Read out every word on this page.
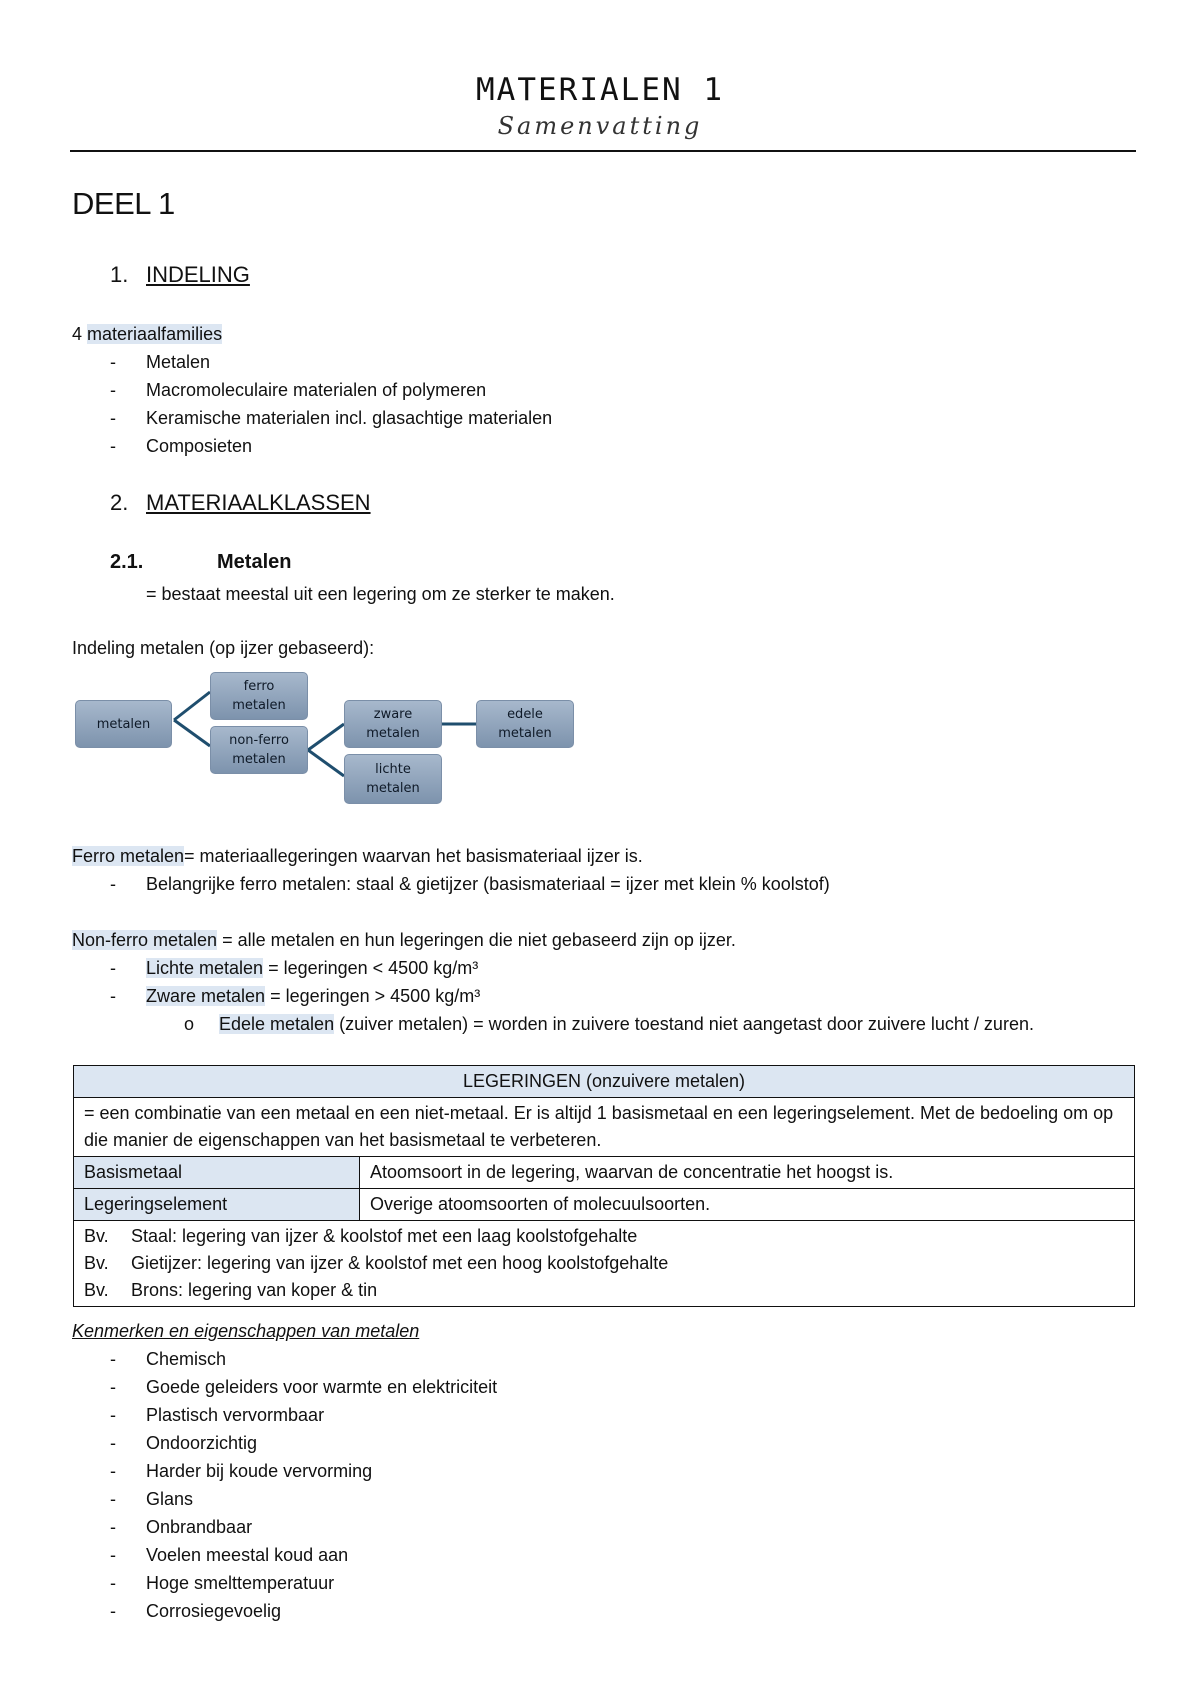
MATERIALEN 1
Samenvatting
DEEL 1
1. INDELING
4 materiaalfamilies
- Metalen
- Macromoleculaire materialen of polymeren
- Keramische materialen incl. glasachtige materialen
- Composieten
2. MATERIAALKLASSEN
2.1.	Metalen
= bestaat meestal uit een legering om ze sterker te maken.
Indeling metalen (op ijzer gebaseerd):
metalen
ferro
metalen
non-ferro
metalen
zware
metalen
lichte
metalen
edele
metalen
Ferro metalen= materiaallegeringen waarvan het basismateriaal ijzer is.
- Belangrijke ferro metalen: staal & gietijzer (basismateriaal = ijzer met klein % koolstof)
Non-ferro metalen = alle metalen en hun legeringen die niet gebaseerd zijn op ijzer.
- Lichte metalen = legeringen < 4500 kg/m³
- Zware metalen = legeringen > 4500 kg/m³
o Edele metalen (zuiver metalen) = worden in zuivere toestand niet aangetast door zuivere lucht / zuren.
LEGERINGEN (onzuivere metalen)	
= een combinatie van een metaal en een niet-metaal. Er is altijd 1 basismetaal en een legeringselement. Met de bedoeling om op die manier de eigenschappen van het basismetaal te verbeteren.	
Basismetaal	Atoomsoort in de legering, waarvan de concentratie het hoogst is.
Legeringselement	Overige atoomsoorten of molecuulsoorten.

Bv. Staal: legering van ijzer & koolstof met een laag koolstofgehalte
Bv. Gietijzer: legering van ijzer & koolstof met een hoog koolstofgehalte
Bv. Brons: legering van koper & tin	
Kenmerken en eigenschappen van metalen
- Chemisch
- Goede geleiders voor warmte en elektriciteit
- Plastisch vervormbaar
- Ondoorzichtig
- Harder bij koude vervorming
- Glans
- Onbrandbaar
- Voelen meestal koud aan
- Hoge smelttemperatuur
- Corrosiegevoelig
